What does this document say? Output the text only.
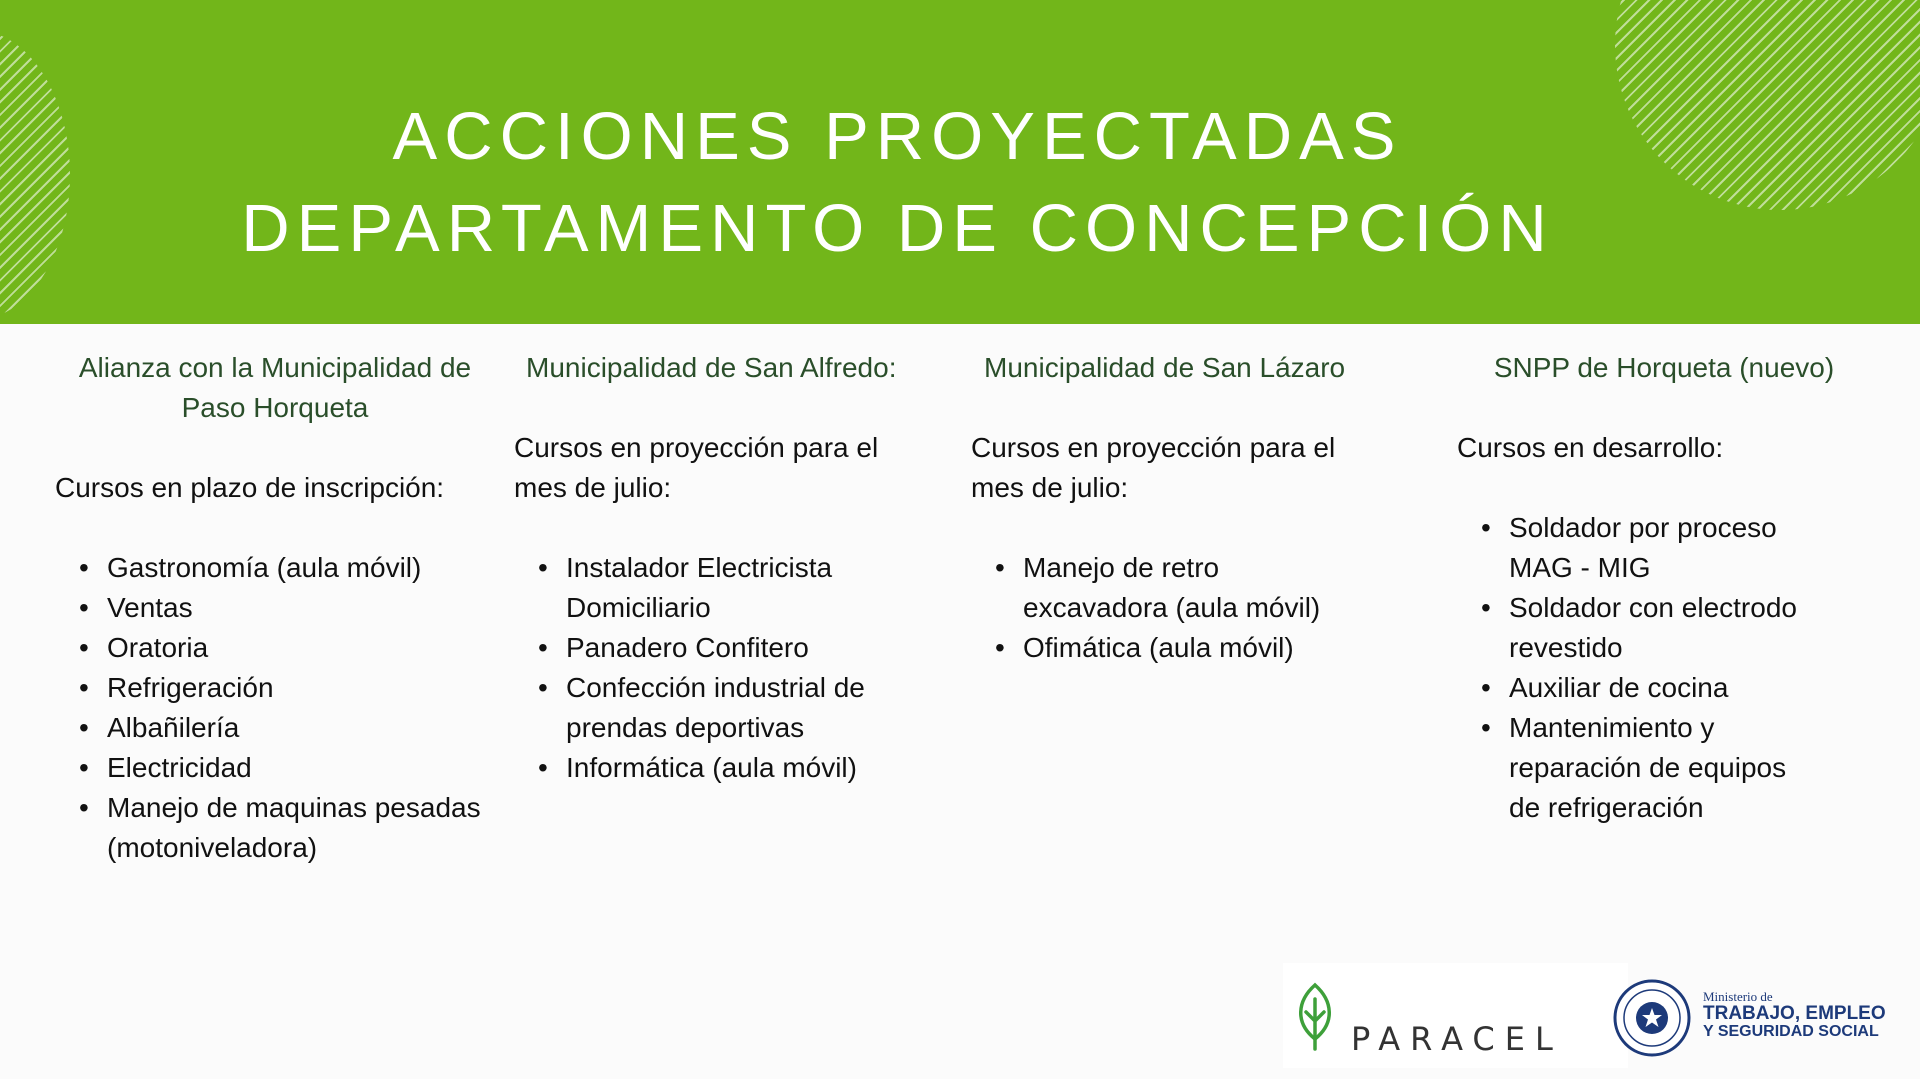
ACCIONES PROYECTADAS
DEPARTAMENTO DE CONCEPCIÓN
Alianza con la Municipalidad de Paso Horqueta
Cursos en plazo de inscripción:
• Gastronomía (aula móvil)
• Ventas
• Oratoria
• Refrigeración
• Albañilería
• Electricidad
• Manejo de maquinas pesadas (motoniveladora)
Municipalidad de San Alfredo:
Cursos en proyección para el mes de julio:
• Instalador Electricista Domiciliario
• Panadero Confitero
• Confección industrial de prendas deportivas
• Informática (aula móvil)
Municipalidad de San Lázaro
Cursos en proyección para el mes de julio:
• Manejo de retro excavadora (aula móvil)
• Ofimática (aula móvil)
SNPP de Horqueta (nuevo)
Cursos en desarrollo:
• Soldador por proceso MAG - MIG
• Soldador con electrodo revestido
• Auxiliar de cocina
• Mantenimiento y reparación de equipos de refrigeración
PARACEL
Ministerio de
TRABAJO, EMPLEO
Y SEGURIDAD SOCIAL
